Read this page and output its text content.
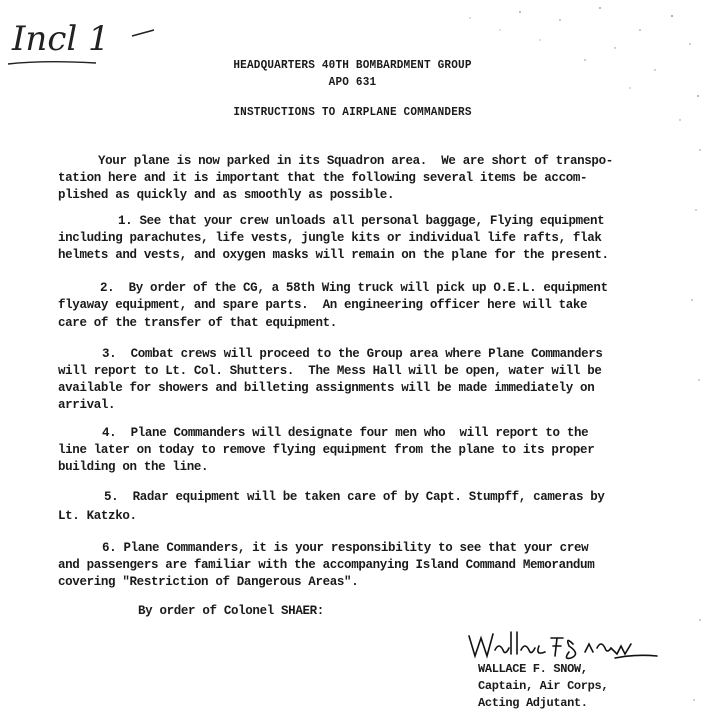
Incl 1
HEADQUARTERS 40TH BOMBARDMENT GROUP
APO 631
INSTRUCTIONS TO AIRPLANE COMMANDERS
Your plane is now parked in its Squadron area.  We are short of transpo-
tation here and it is important that the following several items be accom-
plished as quickly and as smoothly as possible.
1. See that your crew unloads all personal baggage, Flying equipment
including parachutes, life vests, jungle kits or individual life rafts, flak
helmets and vests, and oxygen masks will remain on the plane for the present.
2.  By order of the CG, a 58th Wing truck will pick up O.E.L. equipment
flyaway equipment, and spare parts.  An engineering officer here will take
care of the transfer of that equipment.
3.  Combat crews will proceed to the Group area where Plane Commanders
will report to Lt. Col. Shutters.  The Mess Hall will be open, water will be
available for showers and billeting assignments will be made immediately on
arrival.
4.  Plane Commanders will designate four men who  will report to the
line later on today to remove flying equipment from the plane to its proper
building on the line.
5.  Radar equipment will be taken care of by Capt. Stumpff, cameras by
Lt. Katzko.
6. Plane Commanders, it is your responsibility to see that your crew
and passengers are familiar with the accompanying Island Command Memorandum
covering "Restriction of Dangerous Areas".
By order of Colonel SHAER:
WALLACE F. SNOW,
Captain, Air Corps,
Acting Adjutant.
